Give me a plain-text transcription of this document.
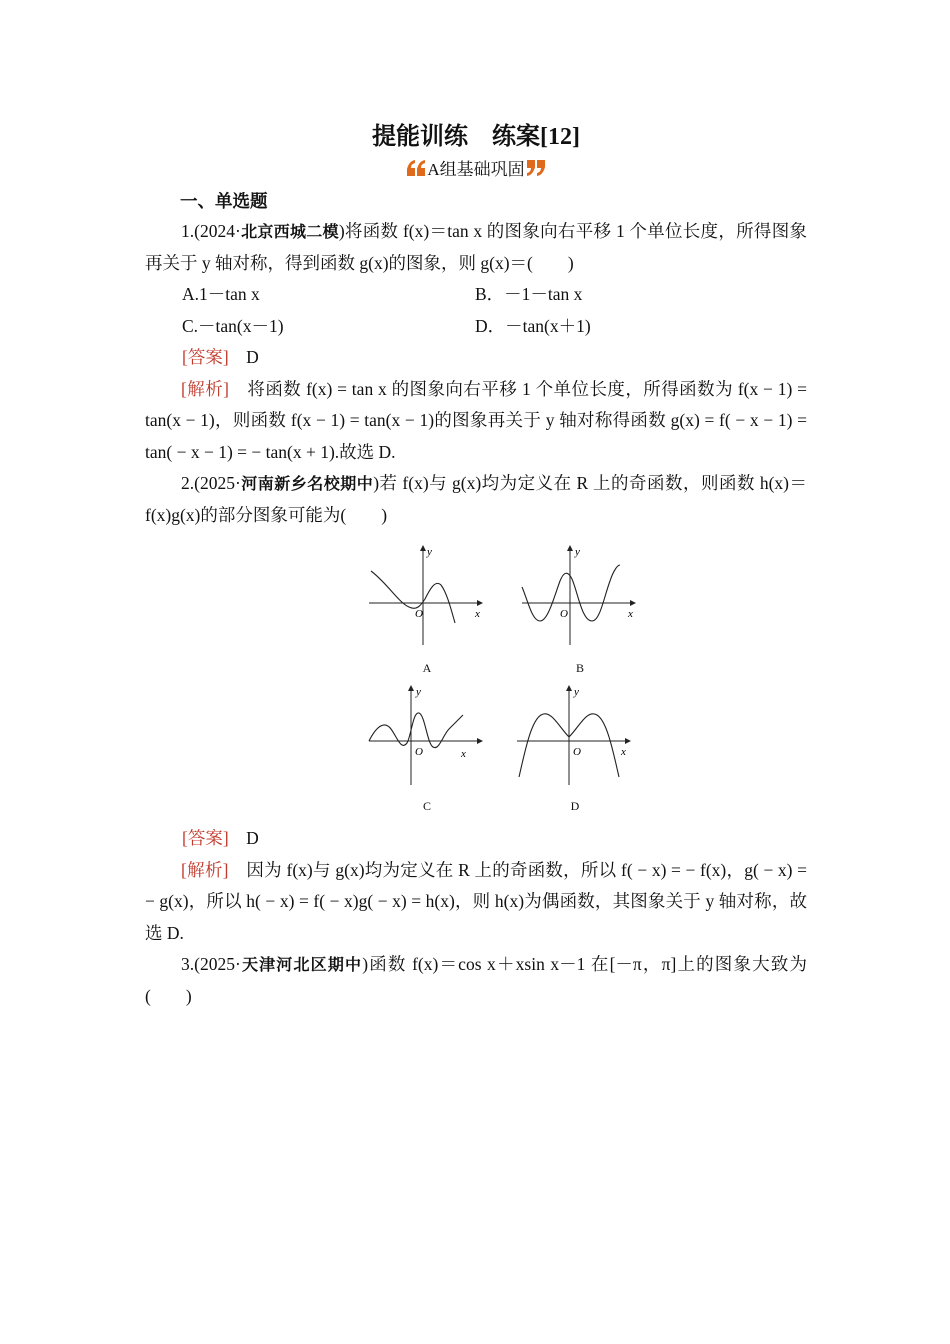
提能训练　练案[12]
A组基础巩固
一、单选题
1.(2024·北京西城二模)将函数 f(x)＝tan x 的图象向右平移 1 个单位长度，所得图象再关于 y 轴对称，得到函数 g(x)的图象，则 g(x)＝(　　)
A.1－tan x	B．－1－tan x
C.－tan(x－1)	D．－tan(x＋1)
[答案]　 D
[解析]　 将函数 f(x) = tan x 的图象向右平移 1 个单位长度，所得函数为 f(x − 1) = tan(x − 1)，则函数 f(x − 1) = tan(x − 1)的图象再关于 y 轴对称得函数 g(x) = f( − x − 1) = tan( − x − 1) = − tan(x + 1).故选 D.
2.(2025·河南新乡名校期中)若 f(x)与 g(x)均为定义在 R 上的奇函数，则函数 h(x)＝f(x)g(x)的部分图象可能为(　　)
y
x
O
A
y
x
O
B
y
x
O
C
y
x
O
D
[答案]　 D
[解析]　 因为 f(x)与 g(x)均为定义在 R 上的奇函数，所以 f( − x) = − f(x)，g( − x) = − g(x)，所以 h( − x) = f( − x)g( − x) = h(x)，则 h(x)为偶函数，其图象关于 y 轴对称，故选 D.
3.(2025·天津河北区期中)函数 f(x)＝cos x＋xsin x－1 在[－π，π]上的图象大致为(　　)
